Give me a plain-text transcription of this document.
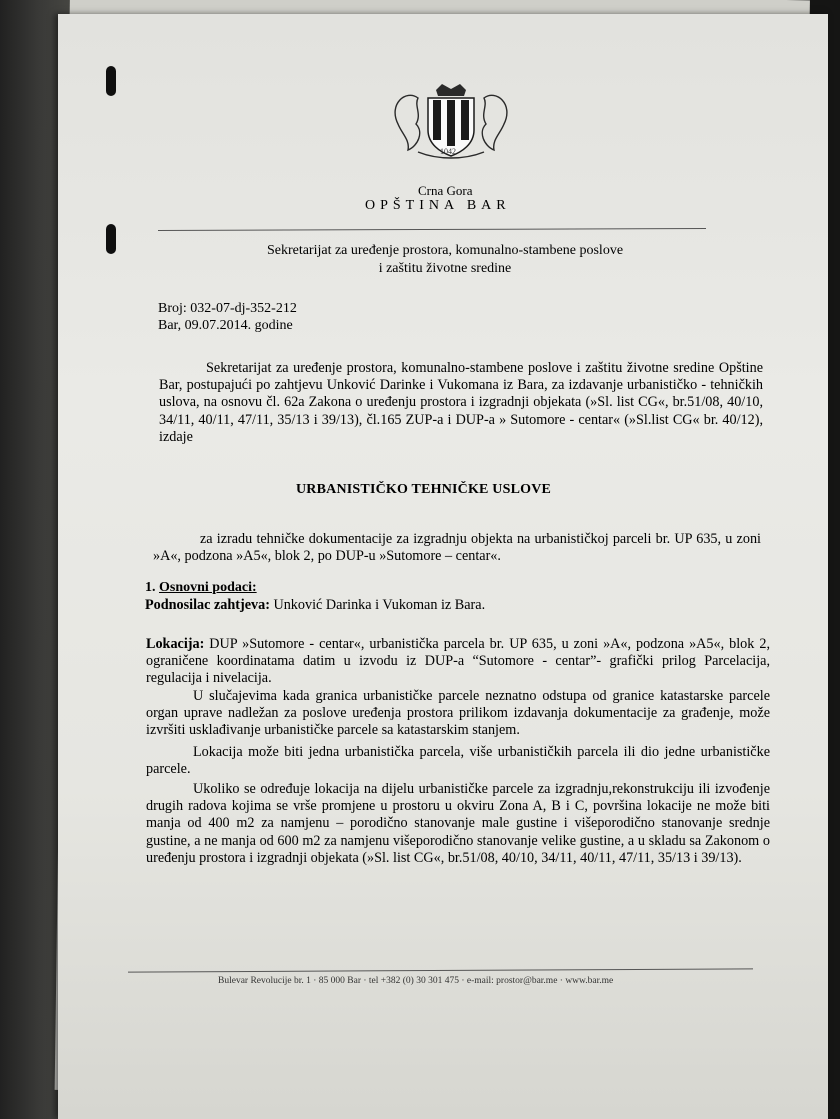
1042
Crna Gora
OPŠTINA BAR
Sekretarijat za uređenje prostora, komunalno-stambene poslove
i zaštitu životne sredine
Broj: 032-07-dj-352-212
Bar, 09.07.2014. godine
Sekretarijat za uređenje prostora, komunalno-stambene poslove i zaštitu životne sredine Opštine Bar, postupajući po zahtjevu Unković Darinke i Vukomana iz Bara, za izdavanje urbanističko - tehničkih uslova, na osnovu čl. 62a Zakona o uređenju prostora i izgradnji objekata (»Sl. list CG«, br.51/08, 40/10, 34/11, 40/11, 47/11, 35/13 i 39/13), čl.165 ZUP-a i DUP-a » Sutomore - centar« (»Sl.list CG« br. 40/12), izdaje
URBANISTIČKO TEHNIČKE USLOVE
za izradu tehničke dokumentacije za izgradnju objekta na urbanističkoj parceli br. UP 635, u zoni »A«, podzona »A5«, blok 2, po DUP-u »Sutomore – centar«.
1. Osnovni podaci:
Podnosilac zahtjeva: Unković Darinka i Vukoman iz Bara.
Lokacija: DUP »Sutomore - centar«, urbanistička parcela br. UP 635, u zoni »A«, podzona »A5«, blok 2, ograničene koordinatama datim u izvodu iz DUP-a “Sutomore - centar”- grafički prilog Parcelacija, regulacija i nivelacija.
U slučajevima kada granica urbanističke parcele neznatno odstupa od granice katastarske parcele organ uprave nadležan za poslove uređenja prostora prilikom izdavanja dokumentacije za građenje, može izvršiti usklađivanje urbanističke parcele sa katastarskim stanjem.
Lokacija može biti jedna urbanistička parcela, više urbanističkih parcela ili dio jedne urbanističke parcele.
Ukoliko se određuje lokacija na dijelu urbanističke parcele za izgradnju,rekonstrukciju ili izvođenje drugih radova kojima se vrše promjene u prostoru u okviru Zona A, B i C, površina lokacije ne može biti manja od 400 m2 za namjenu – porodično stanovanje male gustine i višeporodično stanovanje srednje gustine, a ne manja od 600 m2 za namjenu višeporodično stanovanje velike gustine, a u skladu sa Zakonom o uređenju prostora i izgradnji objekata (»Sl. list CG«, br.51/08, 40/10, 34/11, 40/11, 47/11, 35/13 i 39/13).
Bulevar Revolucije br. 1 · 85 000 Bar · tel +382 (0) 30 301 475 · e-mail: prostor@bar.me · www.bar.me
